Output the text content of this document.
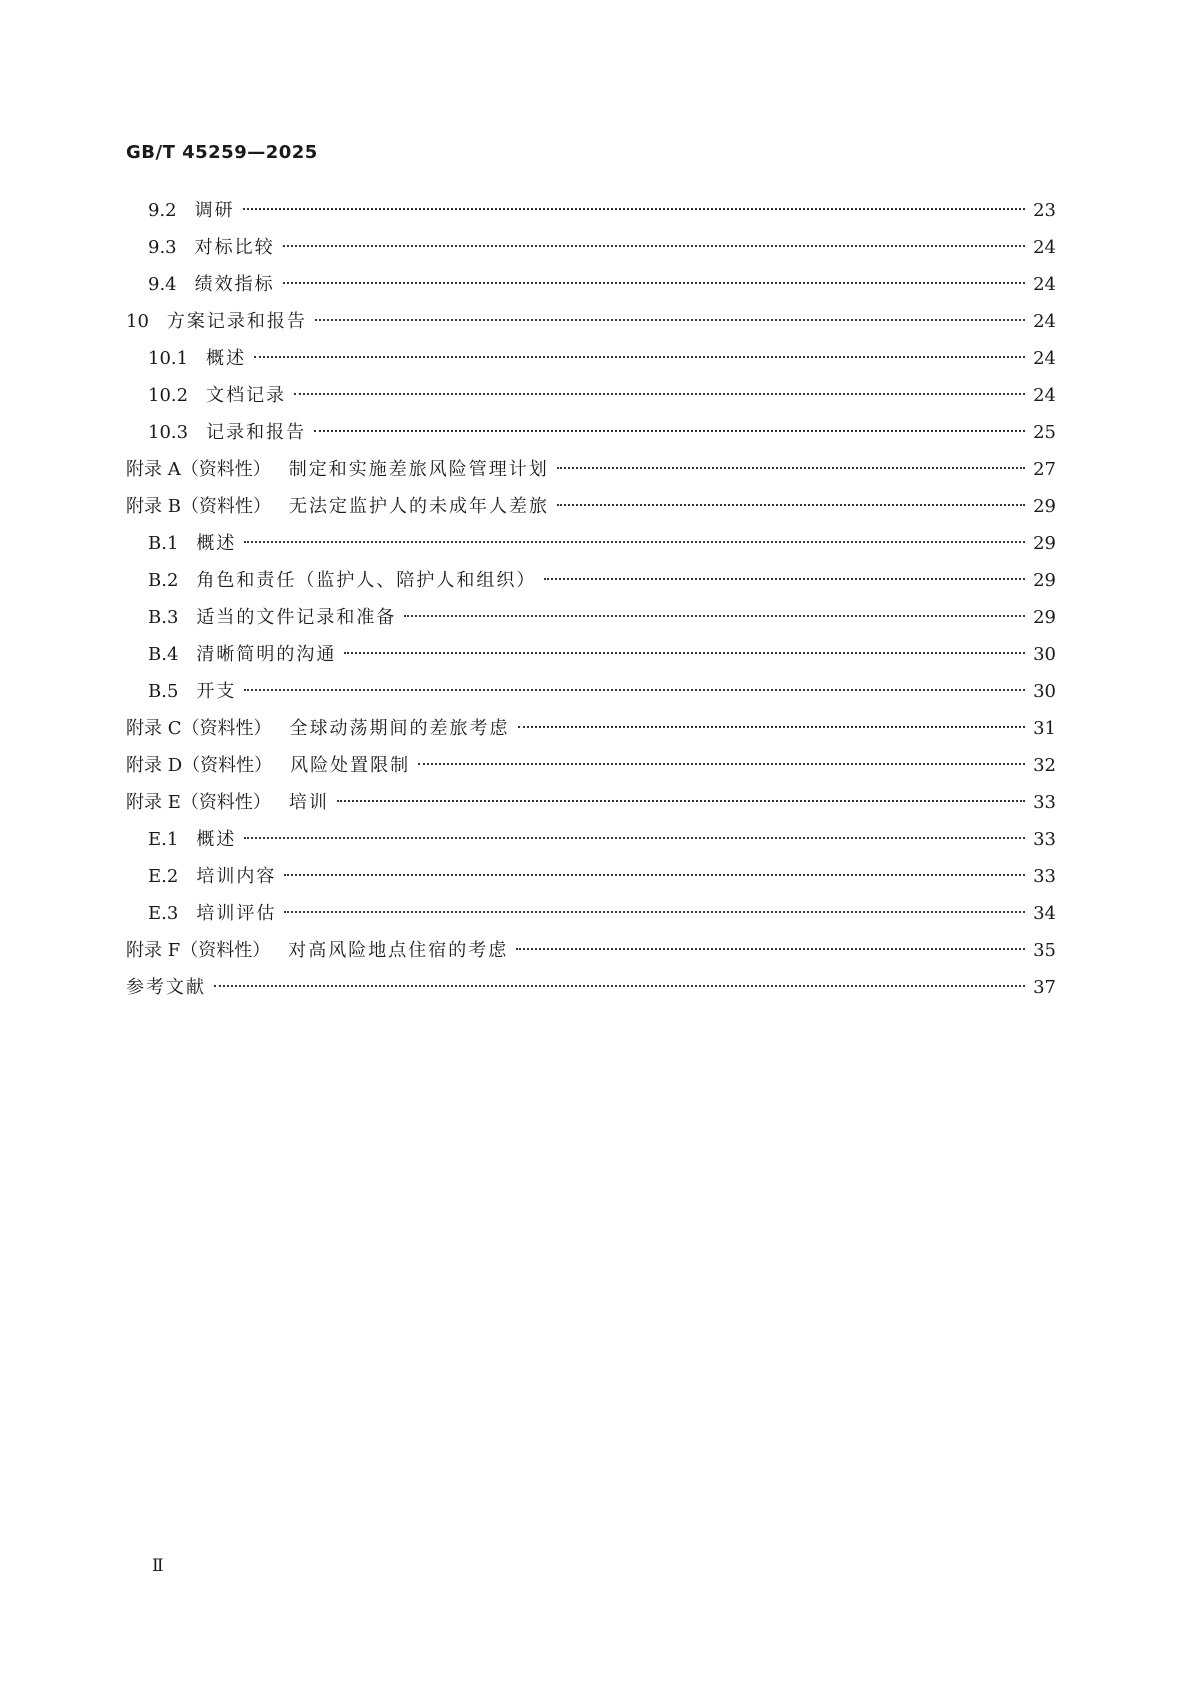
GB/T 45259—2025
9.2 调研	23
9.3 对标比较	24
9.4 绩效指标	24
10 方案记录和报告	24
10.1 概述	24
10.2 文档记录	24
10.3 记录和报告	25
附录 A（资料性） 制定和实施差旅风险管理计划	27
附录 B（资料性） 无法定监护人的未成年人差旅	29
B.1 概述	29
B.2 角色和责任（监护人、陪护人和组织）	29
B.3 适当的文件记录和准备	29
B.4 清晰简明的沟通	30
B.5 开支	30
附录 C（资料性） 全球动荡期间的差旅考虑	31
附录 D（资料性） 风险处置限制	32
附录 E（资料性） 培训	33
E.1 概述	33
E.2 培训内容	33
E.3 培训评估	34
附录 F（资料性） 对高风险地点住宿的考虑	35
参考文献	37
Ⅱ
